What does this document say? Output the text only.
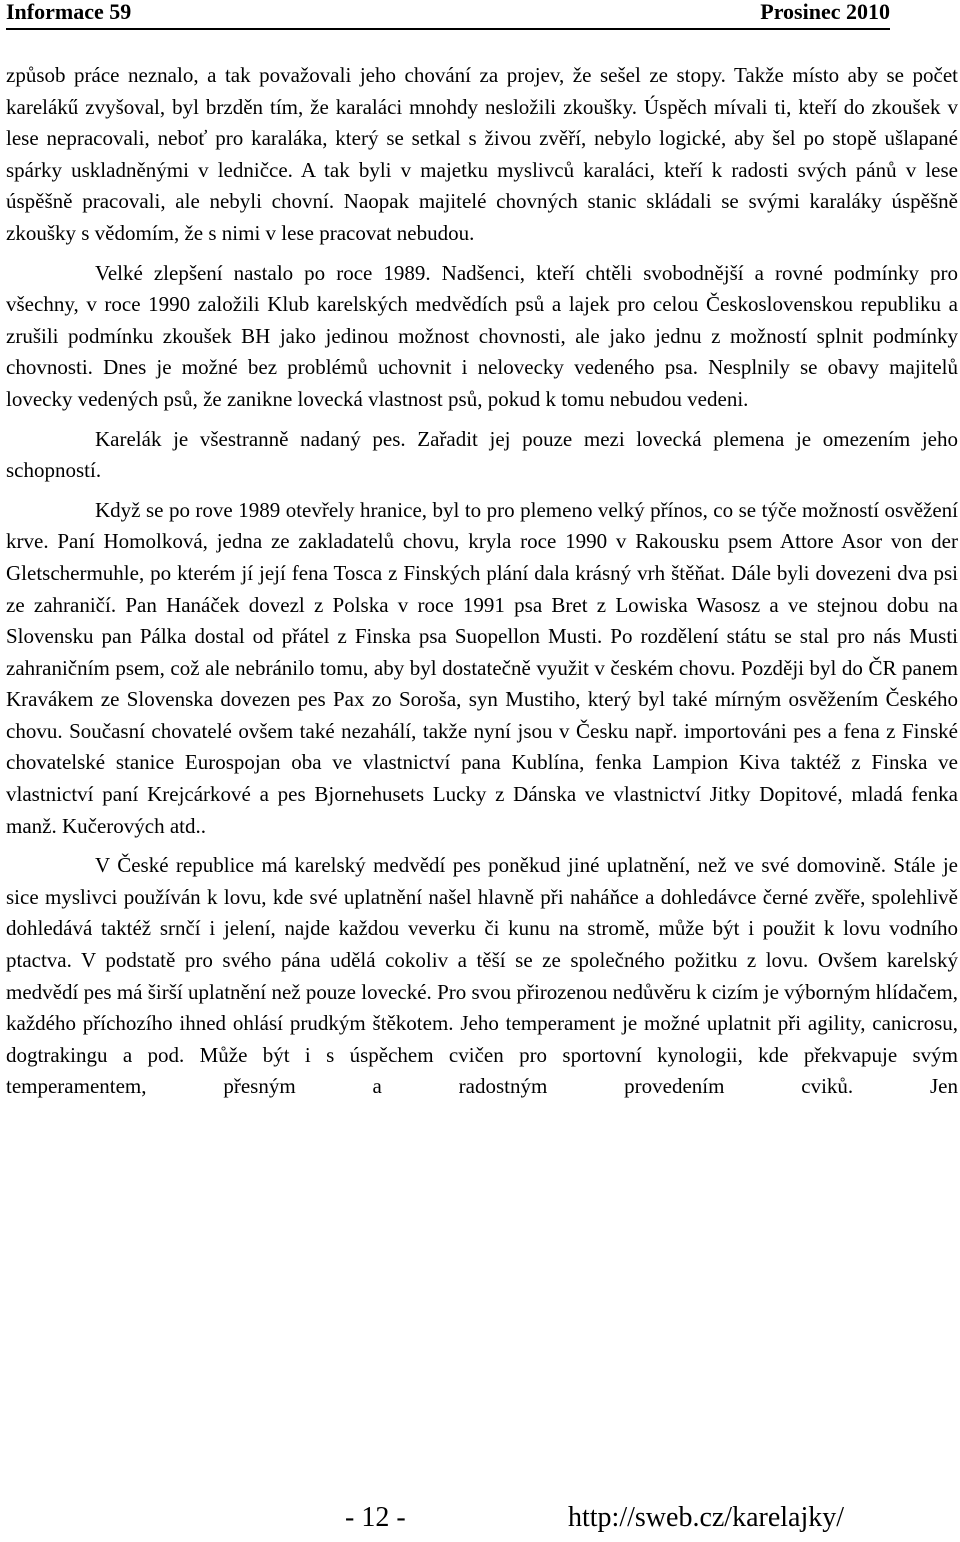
Informace 59	Prosinec 2010

způsob práce neznalo, a tak považovali jeho chování za projev, že sešel ze stopy. Takže místo aby se počet karelákű zvyšoval, byl brzděn tím, že karaláci mnohdy nesložili zkoušky. Úspěch mívali ti, kteří do zkoušek v lese nepracovali, neboť pro karaláka, který se setkal s živou zvěří, nebylo logické, aby šel po stopě ušlapané spárky uskladněnými v ledničce. A tak byli v majetku myslivců karaláci, kteří k radosti svých pánů v lese úspěšně pracovali, ale nebyli chovní. Naopak majitelé chovných stanic skládali se svými karaláky úspěšně zkoušky s vědomím, že s nimi v lese pracovat nebudou.

Velké zlepšení nastalo po roce 1989. Nadšenci, kteří chtěli svobodnější a rovné podmínky pro všechny, v roce 1990 založili Klub karelských medvědích psů a lajek pro celou Československou republiku a zrušili podmínku zkoušek BH jako jedinou možnost chovnosti, ale jako jednu z možností splnit podmínky chovnosti. Dnes je možné bez problémů uchovnit i nelovecky vedeného psa. Nesplnily se obavy majitelů lovecky vedených psů, že zanikne lovecká vlastnost psů, pokud k tomu nebudou vedeni.

Karelák je všestranně nadaný pes. Zařadit jej pouze mezi lovecká plemena je omezením jeho schopností.

Když se po rove 1989 otevřely hranice, byl to pro plemeno velký přínos, co se týče možností osvěžení krve. Paní Homolková, jedna ze zakladatelů chovu, kryla roce 1990 v Rakousku psem Attore Asor von der Gletschermuhle, po kterém jí její fena Tosca z Finských plání dala krásný vrh štěňat. Dále byli dovezeni dva psi ze zahraničí. Pan Hanáček dovezl z Polska v roce 1991 psa Bret z Lowiska Wasosz a ve stejnou dobu na Slovensku pan Pálka dostal od přátel z Finska psa Suopellon Musti. Po rozdělení státu se stal pro nás Musti zahraničním psem, což ale nebránilo tomu, aby byl dostatečně využit v českém chovu. Později byl do ČR panem Kravákem ze Slovenska dovezen pes Pax zo Soroša, syn Mustiho, který byl také mírným osvěžením Českého chovu. Současní chovatelé ovšem také nezahálí, takže nyní jsou v Česku např. importováni pes a fena z Finské chovatelské stanice Eurospojan oba ve vlastnictví pana Kublína, fenka Lampion Kiva taktéž z Finska ve vlastnictví paní Krejcárkové a pes Bjornehusets Lucky z Dánska ve vlastnictví Jitky Dopitové, mladá fenka manž. Kučerových atd..

V České republice má karelský medvědí pes poněkud jiné uplatnění, než ve své domovině. Stále je sice myslivci používán k lovu, kde své uplatnění našel hlavně při naháňce a dohledávce černé zvěře, spolehlivě dohledává taktéž srnčí i jelení, najde každou veverku či kunu na stromě, může být i použit k lovu vodního ptactva. V podstatě pro svého pána udělá cokoliv a těší se ze společného požitku z lovu. Ovšem karelský medvědí pes má širší uplatnění než pouze lovecké. Pro svou přirozenou nedůvěru k cizím je výborným hlídačem, každého příchozího ihned ohlásí prudkým štěkotem. Jeho temperament je možné uplatnit při agility, canicrosu, dogtrakingu a pod. Může být i s úspěchem cvičen pro sportovní kynologii, kde překvapuje svým temperamentem, přesným a radostným provedením cviků. Jen

- 12 -	http://sweb.cz/karelajky/
